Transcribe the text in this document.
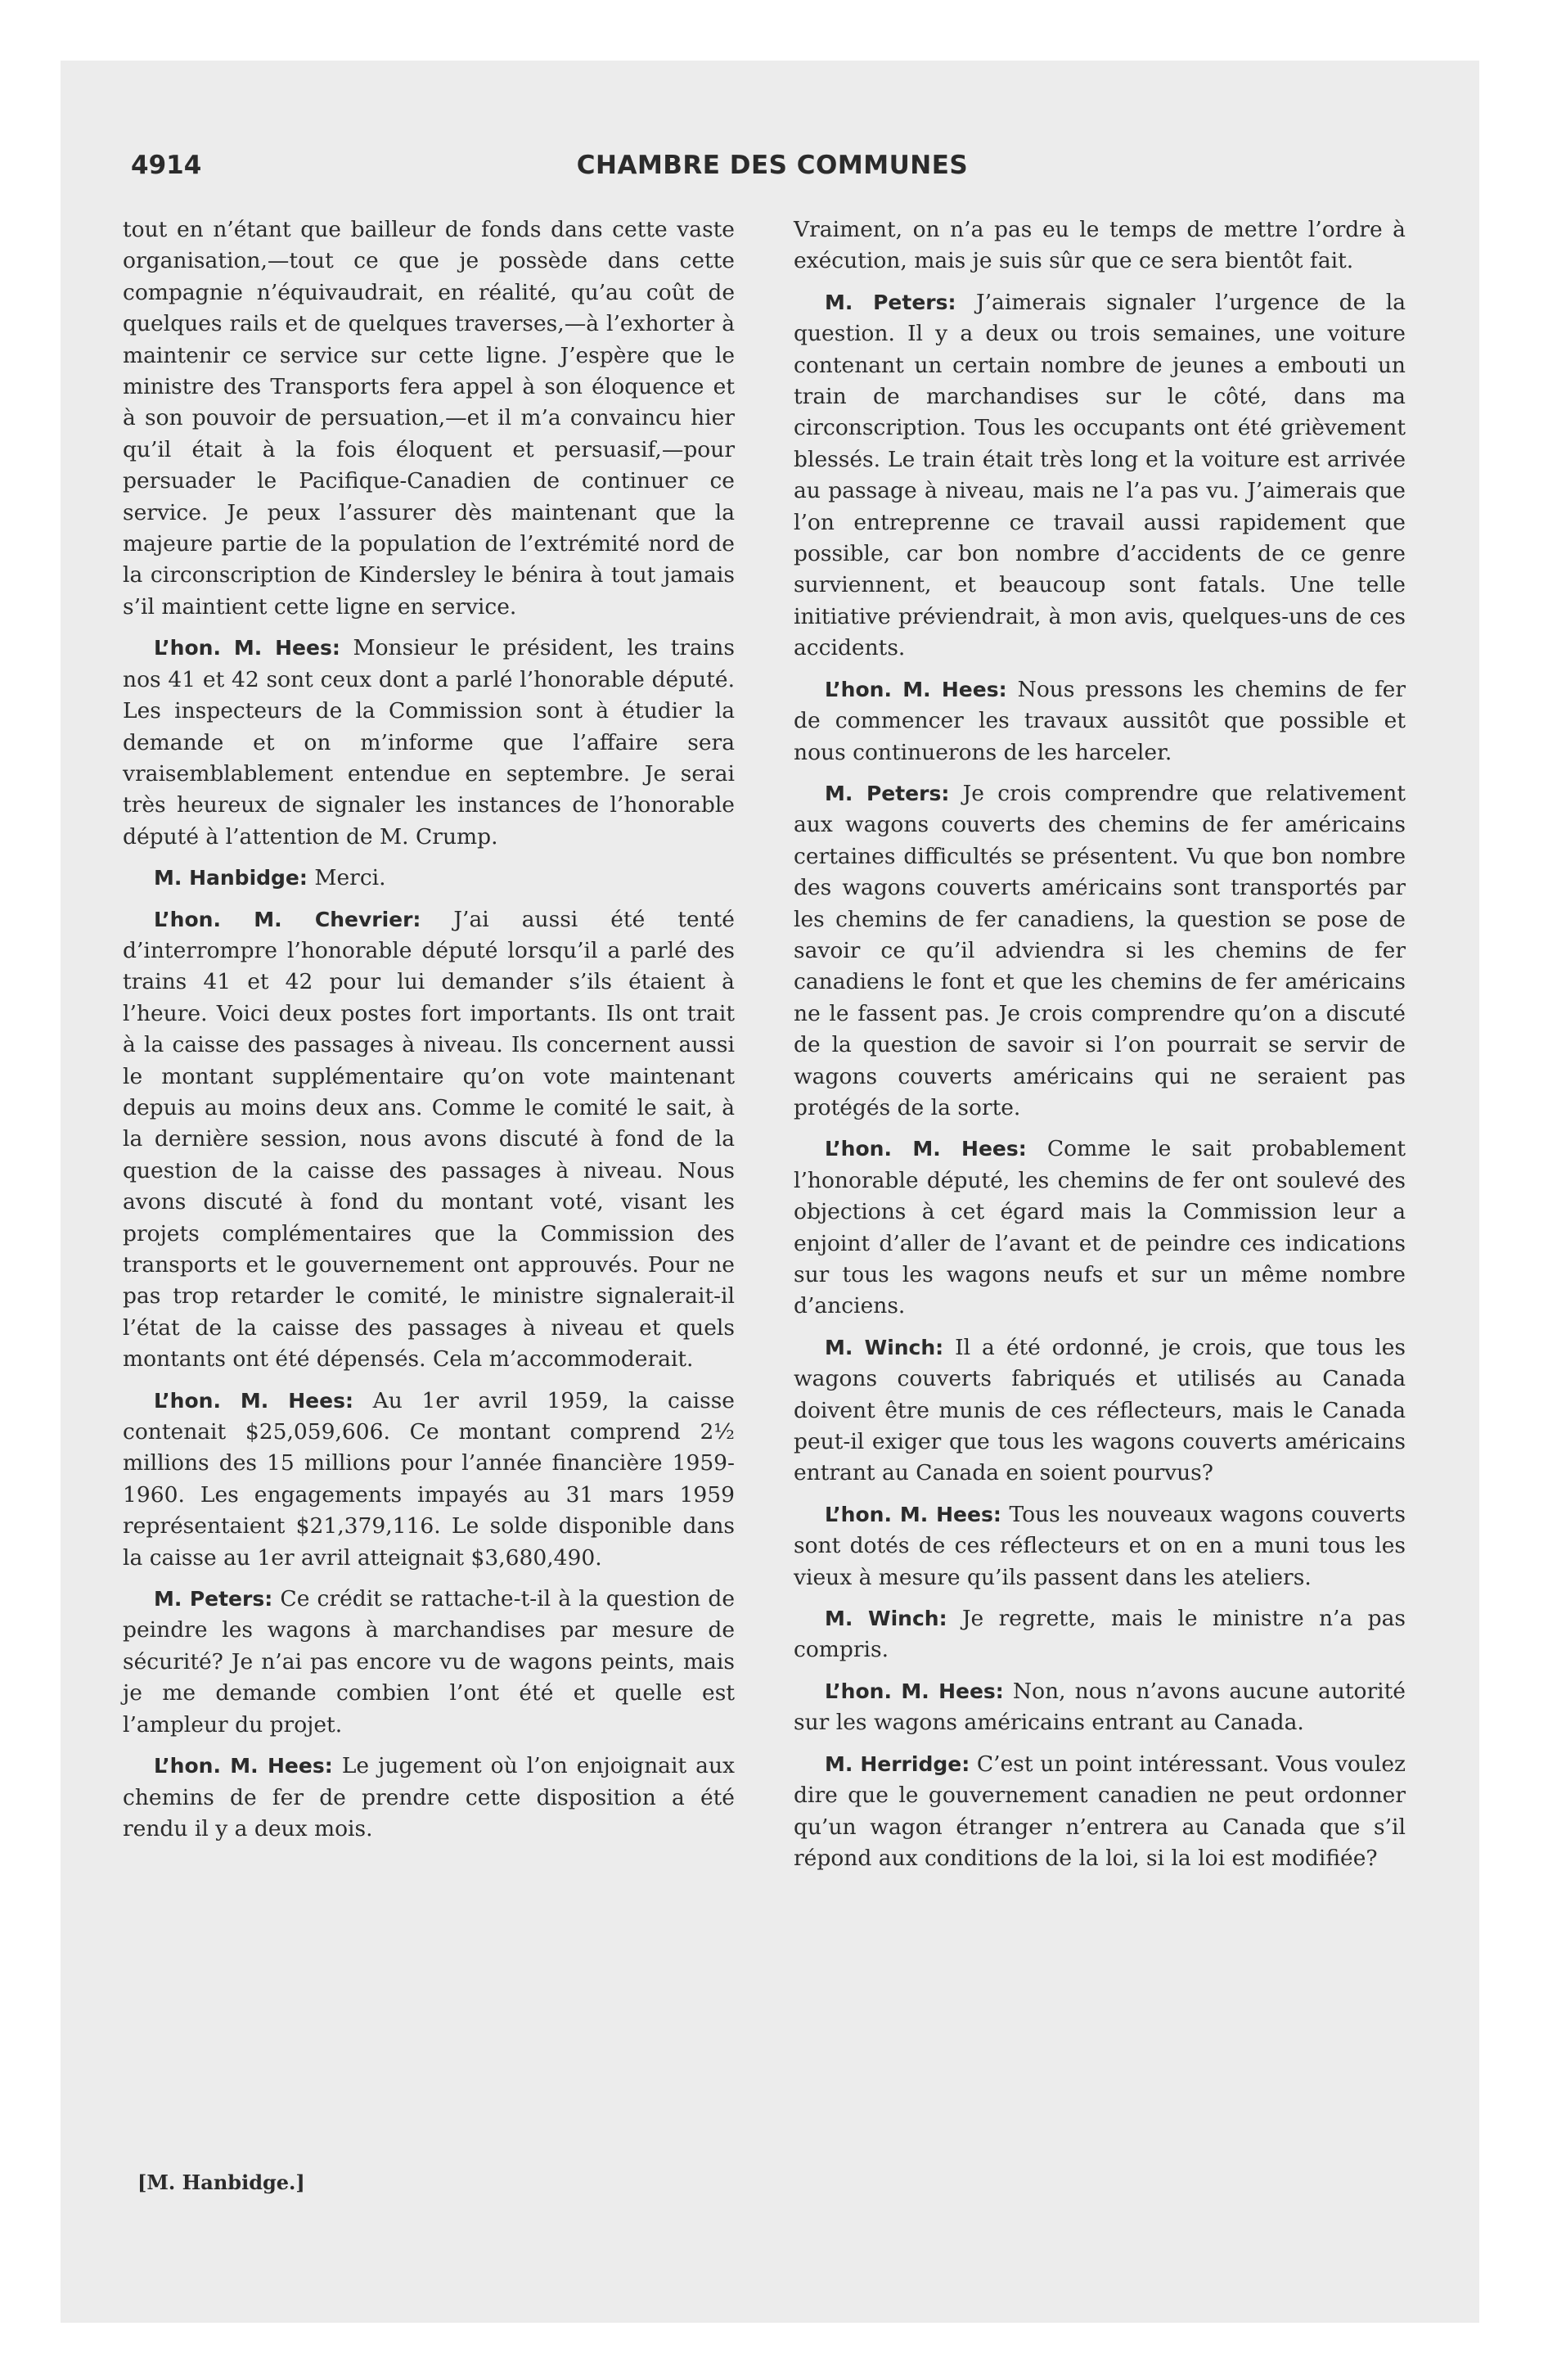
4914	CHAMBRE DES COMMUNES

tout en n’étant que bailleur de fonds dans cette vaste organisation,—tout ce que je possède dans cette compagnie n’équivaudrait, en réalité, qu’au coût de quelques rails et de quelques traverses,—à l’exhorter à maintenir ce service sur cette ligne. J’espère que le ministre des Transports fera appel à son éloquence et à son pouvoir de persuation,—et il m’a convaincu hier qu’il était à la fois éloquent et persuasif,—pour persuader le Pacifique-Canadien de continuer ce service. Je peux l’assurer dès maintenant que la majeure partie de la population de l’extrémité nord de la circonscription de Kindersley le bénira à tout jamais s’il maintient cette ligne en service.

L’hon. M. Hees: Monsieur le président, les trains nos 41 et 42 sont ceux dont a parlé l’honorable député. Les inspecteurs de la Commission sont à étudier la demande et on m’informe que l’affaire sera vraisemblablement entendue en septembre. Je serai très heureux de signaler les instances de l’honorable député à l’attention de M. Crump.

M. Hanbidge: Merci.

L’hon. M. Chevrier: J’ai aussi été tenté d’interrompre l’honorable député lorsqu’il a parlé des trains 41 et 42 pour lui demander s’ils étaient à l’heure. Voici deux postes fort importants. Ils ont trait à la caisse des passages à niveau. Ils concernent aussi le montant supplémentaire qu’on vote maintenant depuis au moins deux ans. Comme le comité le sait, à la dernière session, nous avons discuté à fond de la question de la caisse des passages à niveau. Nous avons discuté à fond du montant voté, visant les projets complémentaires que la Commission des transports et le gouvernement ont approuvés. Pour ne pas trop retarder le comité, le ministre signalerait-il l’état de la caisse des passages à niveau et quels montants ont été dépensés. Cela m’accommoderait.

L’hon. M. Hees: Au 1er avril 1959, la caisse contenait $25,059,606. Ce montant comprend 2½ millions des 15 millions pour l’année financière 1959-1960. Les engagements impayés au 31 mars 1959 représentaient $21,379,116. Le solde disponible dans la caisse au 1er avril atteignait $3,680,490.

M. Peters: Ce crédit se rattache-t-il à la question de peindre les wagons à marchandises par mesure de sécurité? Je n’ai pas encore vu de wagons peints, mais je me demande combien l’ont été et quelle est l’ampleur du projet.

L’hon. M. Hees: Le jugement où l’on enjoignait aux chemins de fer de prendre cette disposition a été rendu il y a deux mois.

Vraiment, on n’a pas eu le temps de mettre l’ordre à exécution, mais je suis sûr que ce sera bientôt fait.

M. Peters: J’aimerais signaler l’urgence de la question. Il y a deux ou trois semaines, une voiture contenant un certain nombre de jeunes a embouti un train de marchandises sur le côté, dans ma circonscription. Tous les occupants ont été grièvement blessés. Le train était très long et la voiture est arrivée au passage à niveau, mais ne l’a pas vu. J’aimerais que l’on entreprenne ce travail aussi rapidement que possible, car bon nombre d’accidents de ce genre surviennent, et beaucoup sont fatals. Une telle initiative préviendrait, à mon avis, quelques-uns de ces accidents.

L’hon. M. Hees: Nous pressons les chemins de fer de commencer les travaux aussitôt que possible et nous continuerons de les harceler.

M. Peters: Je crois comprendre que relativement aux wagons couverts des chemins de fer américains certaines difficultés se présentent. Vu que bon nombre des wagons couverts américains sont transportés par les chemins de fer canadiens, la question se pose de savoir ce qu’il adviendra si les chemins de fer canadiens le font et que les chemins de fer américains ne le fassent pas. Je crois comprendre qu’on a discuté de la question de savoir si l’on pourrait se servir de wagons couverts américains qui ne seraient pas protégés de la sorte.

L’hon. M. Hees: Comme le sait probablement l’honorable député, les chemins de fer ont soulevé des objections à cet égard mais la Commission leur a enjoint d’aller de l’avant et de peindre ces indications sur tous les wagons neufs et sur un même nombre d’anciens.

M. Winch: Il a été ordonné, je crois, que tous les wagons couverts fabriqués et utilisés au Canada doivent être munis de ces réflecteurs, mais le Canada peut-il exiger que tous les wagons couverts américains entrant au Canada en soient pourvus?

L’hon. M. Hees: Tous les nouveaux wagons couverts sont dotés de ces réflecteurs et on en a muni tous les vieux à mesure qu’ils passent dans les ateliers.

M. Winch: Je regrette, mais le ministre n’a pas compris.

L’hon. M. Hees: Non, nous n’avons aucune autorité sur les wagons américains entrant au Canada.

M. Herridge: C’est un point intéressant. Vous voulez dire que le gouvernement canadien ne peut ordonner qu’un wagon étranger n’entrera au Canada que s’il répond aux conditions de la loi, si la loi est modifiée?

[M. Hanbidge.]
